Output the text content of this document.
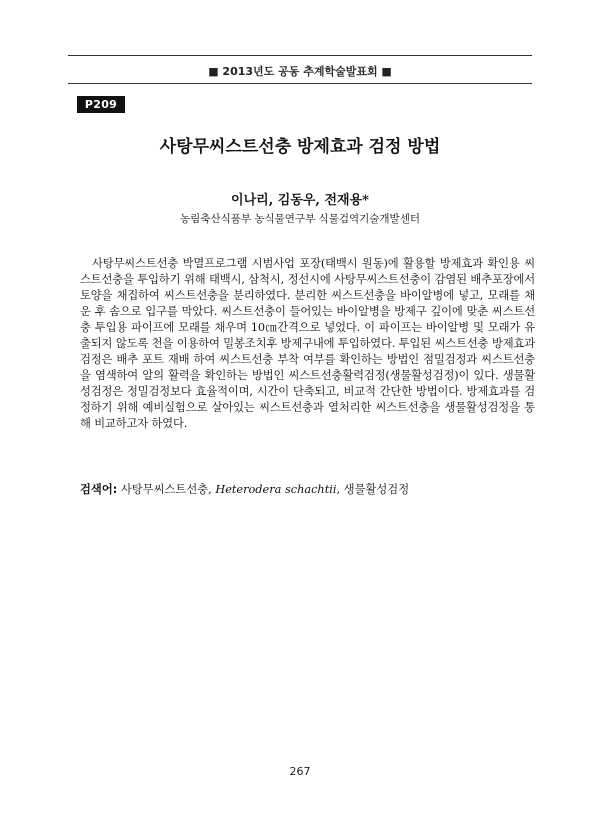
■ 2013년도 공동 추계학술발표회 ■
P209
사탕무씨스트선충 방제효과 검정 방법
이나리, 김동우, 전재용*
농림축산식품부 농식물연구부 식물검역기술개발센터

사탕무씨스트선충 박멸프로그램 시범사업 포장(태백시 원동)에 활용할 방제효과 확인용 씨스트선충을 투입하기 위해 태백시, 삼척시, 정선시에 사탕무씨스트선충이 감염된 배추포장에서 토양을 채집하여 씨스트선충을 분리하였다. 분리한 씨스트선충을 바이알병에 넣고, 모래를 채운 후 솜으로 입구를 막았다. 씨스트선충이 들어있는 바이알병을 방제구 깊이에 맞춘 씨스트선충 투입용 파이프에 모래를 채우며 10㎝간격으로 넣었다. 이 파이프는 바이알병 및 모래가 유출되지 않도록 천을 이용하여 밀봉조치후 방제구내에 투입하였다. 투입된 씨스트선충 방제효과 검정은 배추 포트 재배 하여 씨스트선충 부착 여부를 확인하는 방법인 점밀검정과 씨스트선충을 염색하여 알의 활력을 확인하는 방법인 씨스트선충활력검정(생물활성검정)이 있다. 생물활성검정은 정밀검정보다 효율적이며, 시간이 단축되고, 비교적 간단한 방법이다. 방제효과를 검정하기 위해 예비실험으로 살아있는 씨스트선충과 열처리한 씨스트선충을 생물활성검정을 통해 비교하고자 하였다.

검색어: 사탕무씨스트선충, Heterodera schachtii, 생물활성검정
267
